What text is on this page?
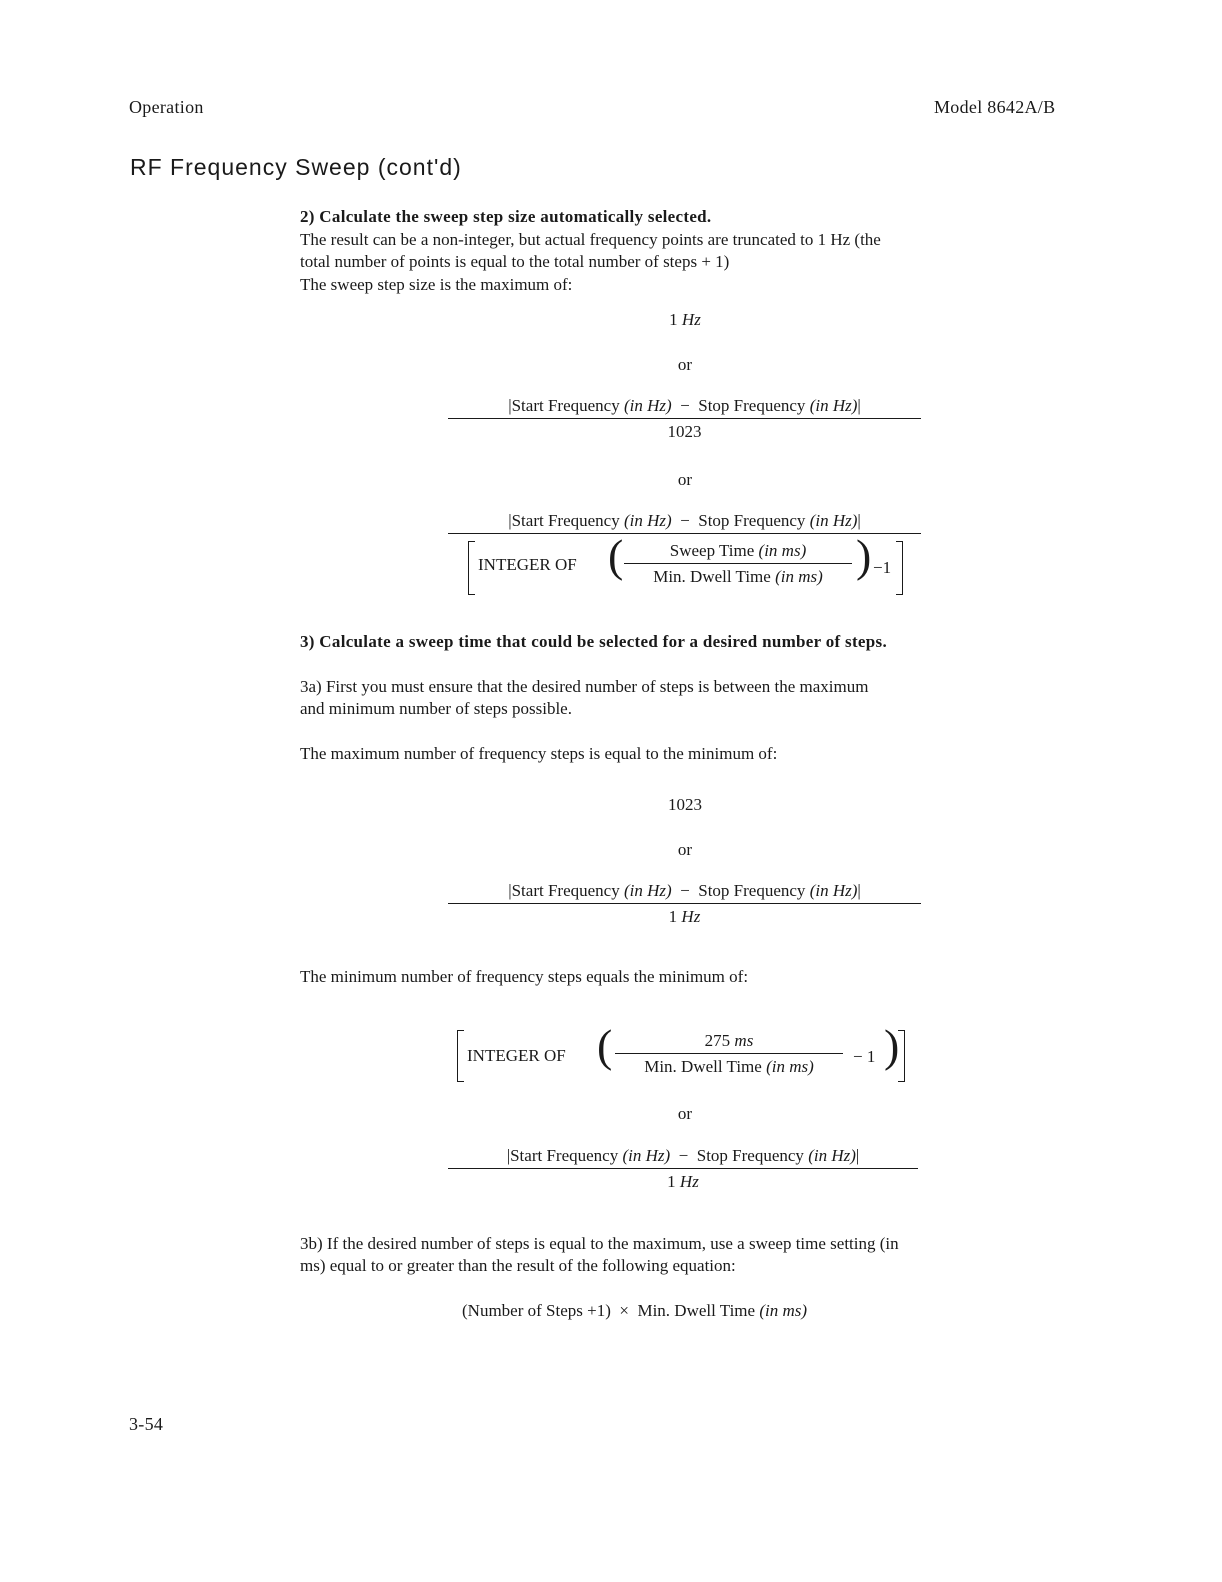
Operation	Model 8642A/B
RF Frequency Sweep (cont'd)
2) Calculate the sweep step size automatically selected.
The result can be a non-integer, but actual frequency points are truncated to 1 Hz (the
total number of points is equal to the total number of steps + 1)
The sweep step size is the maximum of:
1 Hz
or
|Start Frequency (in Hz) − Stop Frequency (in Hz)|
1023
or
|Start Frequency (in Hz) − Stop Frequency (in Hz)|
INTEGER OF (	Sweep Time (in ms)
Min. Dwell Time (in ms) ) −1
3) Calculate a sweep time that could be selected for a desired number of steps.
3a) First you must ensure that the desired number of steps is between the maximum
and minimum number of steps possible.
The maximum number of frequency steps is equal to the minimum of:
1023
or
|Start Frequency (in Hz) − Stop Frequency (in Hz)|
1 Hz
The minimum number of frequency steps equals the minimum of:
INTEGER OF (	275 ms
Min. Dwell Time (in ms)
− 1 )
or
|Start Frequency (in Hz) − Stop Frequency (in Hz)|
1 Hz
3b) If the desired number of steps is equal to the maximum, use a sweep time setting (in
ms) equal to or greater than the result of the following equation:
(Number of Steps +1)  ×  Min. Dwell Time (in ms)
3-54
